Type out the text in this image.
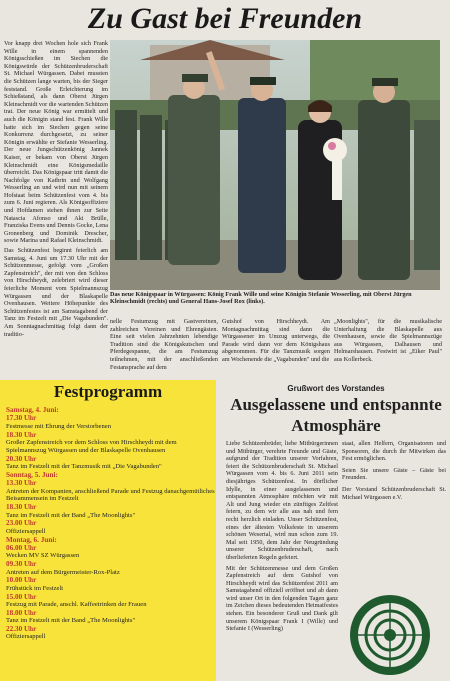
Zu Gast bei Freunden

Vor knapp drei Wochen hole sich Frank Wille in einem spannenden Königsschießen im Stechen die Königswürde der Schützenbruderschaft St. Michael Würgassen. Dabei mussten die Schützen lange warten, bis der Sieger feststand. Große Erleichterung im Schießstand, als dann Oberst Jürgen Kleinschmidt vor die wartenden Schützen trat. Der neue König war ermittelt und auch die Königin stand fest. Frank Wille hatte sich im Stechen gegen seine Konkurrenz durchgesetzt, zu seiner Königin erwählte er Stefanie Wesserling. Der neue Jungschützenkönig Jannek Kaiser, er bekam von Oberst Jürgen Kleinschmidt eine Königsmedaille überreicht. Das Königspaar tritt damit die Nachfolge von Kathrin und Wolfgang Wesserling an und wird nun mit seinem Hofstaat beim Schützenfest vom 4. bis zum 6. Juni regieren. Als Königsoffiziere und Hofdamen stehen ihnen zur Seite Natascia Afonso und Aki Brülle, Franziska Evens und Dennis Gocke, Lena Gronenberg und Dominik Drescher, sowie Marina und Rafael Kleinschmidt.

Das Schützenfest beginnt feierlich am Samstag, 4. Juni um 17.30 Uhr mit der Schützenmesse, gefolgt vom „Großen Zapfenstreich", der mit von den Schloss von Hirschheydt, zelebriert wird dieser feierliche Moment vom Spielmannszug Würgassen und der Blaskapelle Ovenhausen. Weitere Höhepunkte des Schützenfestes ist am Samstagabend der Tanz im Festzelt mit „Die Vagabunden". Am Sonntagnachmittag folgt dann der traditio-

Das neue Königspaar in Würgassen: König Frank Wille und seine Königin Stefanie Wesserling, mit Oberst Jürgen Kleinschmidt (rechts) und General Hans-Josef Rox (links).
nelle Festumzug mit Gastvereinen, zahlreichen Vereinen und Ehrengästen. Eine seit vielen Jahrzehnten lebendige Tradition sind die Königskutschen und Pferdegespanne, die am Festumzug teilnehmen, mit der anschließenden Festansprache auf dem
Gutshof von Hirschheydt. Am Montagnachmittag sind dann die Würgassener im Umzug unterwegs, die Parade wird dann vor dem Königshaus abgenommen. Für die Tanzmusik sorgen am Wochenende die „Vagabunden" und die
„Moonlights", für die musikalische Unterhaltung die Blaskapelle aus Ovenhausen, sowie die Spielmannszüge aus Würgassen, Dalhausen und Helmarshausen. Festwirt ist „Eiker Paul" aus Kollerbeck.
Festprogramm
Samstag, 4. Juni:
17.30 Uhr
Festmesse mit Ehrung der Verstorbenen
18.30 Uhr
Großer Zapfenstreich vor dem Schloss von Hirschheydt mit dem Spielmannszug Würgassen und der Blaskapelle Ovenhausen
20.30 Uhr
Tanz im Festzelt mit der Tanzmusik mit „Die Vagabunden"
Sonntag, 5. Juni:
13.30 Uhr
Antreten der Kompanien, anschließend Parade und Festzug danachgemütliches Beisammensein im Festzelt
18.30 Uhr
Tanz im Festzelt mit der Band „The Moonlights"
23.00 Uhr
Offiziersappell
Montag, 6. Juni:
06.00 Uhr
Wecken MV SZ Würgassen
09.30 Uhr
Antreten auf dem Bürgermeister-Rox-Platz
10.00 Uhr
Frühstück im Festzelt
15.00 Uhr
Festzug mit Parade, anschl. Kaffeetrinken der Frauen
18.00 Uhr
Tanz im Festzelt mit der Band „The Moonlights"
22.30 Uhr
Offiziersappell
Grußwort des Vorstandes
Ausgelassene und entspannte Atmosphäre

Liebe Schützenbrüder, liebe Mitbürgerinnen und Mitbürger, verehrte Freunde und Gäste, aufgrund der Tradition unserer Vorfahren, feiert die Schützenbruderschaft St. Michael Würgassen vom 4. bis 6. Juni 2011 sein diesjähriges Schützenfest. In dörflicher Idylle, in einer ausgelassenen und entspannten Atmosphäre möchten wir mit Alt und Jung wieder ein zünftiges Zeltfest feiern, zu dem wir alle aus nah und fern recht herzlich einladen. Unser Schützenfest, eines der ältesten Volksfeste in unserem schönen Wesertal, wird nun schon zum 19. Mal seit 1950, dem Jahr der Neugründung unserer Schützenbruderschaft, nach überlieferten Regeln gefeiert.

Mit der Schützenmesse und dem Großen Zapfenstreich auf dem Gutshof von Hirschheydt wird das Schützenfest 2011 am Samstagabend offiziell eröffnet und ab dann wird unser Ort in den folgenden Tagen ganz im Zeichen dieses bedeutenden Heimatfestes stehen. Ein besonderer Gruß und Dank gilt unserem Königspaar Frank I (Wille) und Stefanie I (Wesserling)

staat, allen Helfern, Organisatoren und Sponsoren, die durch ihr Mitwirken das Fest ermöglichen.

Seien Sie unsere Gäste – Gäste bei Freunden.

Der Vorstand Schützenbruderschaft St. Michael Würgassen e.V.
